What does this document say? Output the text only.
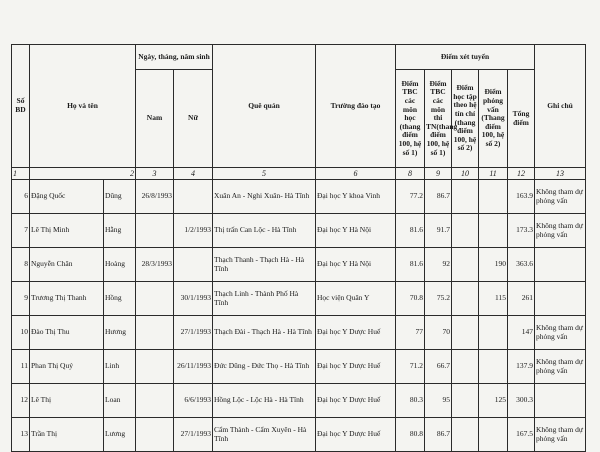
Số BD	Họ và tên		Ngày, tháng, năm sinh		Quê quán	Trường đào tạo	Điểm xét tuyển					Ghi chú
			Nam	Nữ			Điểm TBC các môn học (thang điểm 100, hệ số 1)	Điểm TBC các môn thi TN(thang điểm 100, hệ số 1)	Điểm học tập theo hệ tín chỉ (thang điểm 100, hệ số 2)	Điểm phỏng vấn (Thang điểm 100, hệ số 2)	Tổng điểm	

1	2		3	4	5	6	8	9	10	11	12	13
6	Đặng Quốc	Dũng	26/8/1993		Xuân An - Nghi Xuân- Hà Tĩnh	Đại học Y khoa Vinh	77.2	86.7			163.9	Không tham dự phỏng vấn
7	Lê Thị Minh	Hằng		1/2/1993	Thị trấn Can Lộc - Hà Tĩnh	Đại học Y Hà Nội	81.6	91.7			173.3	Không tham dự phỏng vấn
8	Nguyễn Chân	Hoàng	28/3/1993		Thạch Thanh - Thạch Hà - Hà Tĩnh	Đại học Y Hà Nội	81.6	92		190	363.6	
9	Trương Thị Thanh	Hồng		30/1/1993	Thạch Linh - Thành Phố Hà Tĩnh	Học viện Quân Y	70.8	75.2		115	261	
10	Đào Thị Thu	Hương		27/1/1993	Thạch Đài - Thạch Hà - Hà Tĩnh	Đại học Y Dược Huế	77	70			147	Không tham dự phỏng vấn
11	Phan Thị Quý	Linh		26/11/1993	Đức Dũng - Đức Thọ - Hà Tĩnh	Đại học Y Dược Huế	71.2	66.7			137.9	Không tham dự phỏng vấn
12	Lê Thị	Loan		6/6/1993	Hồng Lộc - Lộc Hà - Hà Tĩnh	Đại học Y Dược Huế	80.3	95		125	300.3	
13	Trần Thị	Lương		27/1/1993	Cẩm Thành - Cẩm Xuyên - Hà Tĩnh	Đại học Y Dược Huế	80.8	86.7			167.5	Không tham dự phỏng vấn
